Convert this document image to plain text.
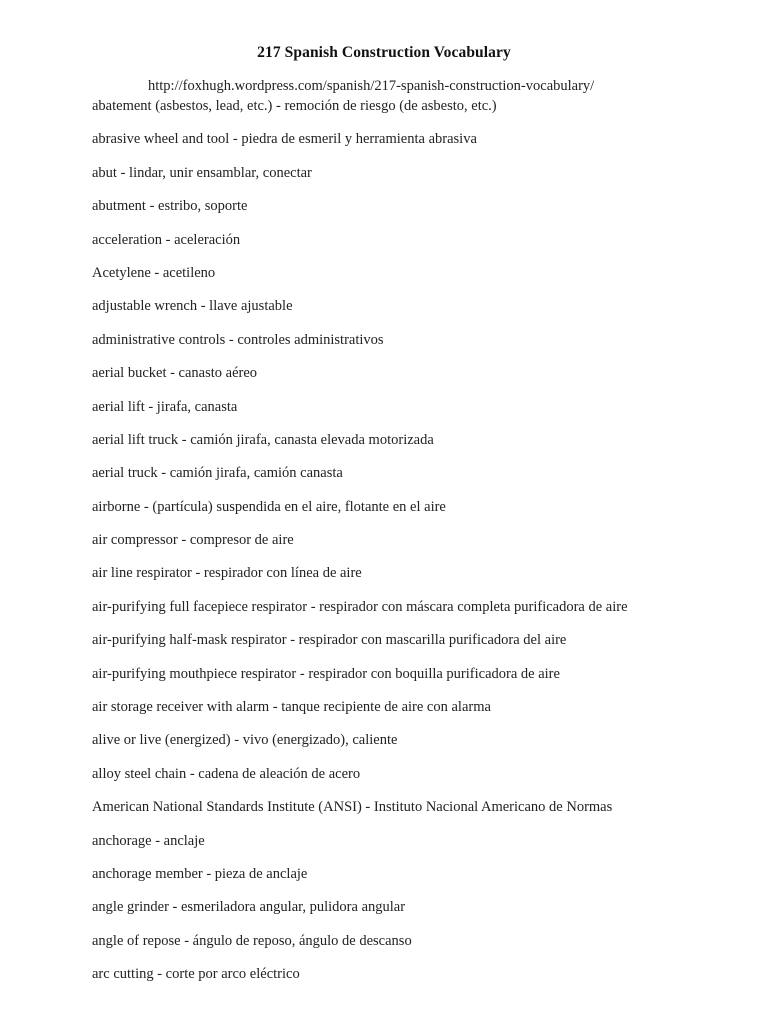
217 Spanish Construction Vocabulary
http://foxhugh.wordpress.com/spanish/217-spanish-construction-vocabulary/
abatement (asbestos, lead, etc.) - remoción de riesgo (de asbesto, etc.)
abrasive wheel and tool - piedra de esmeril y herramienta abrasiva
abut - lindar, unir ensamblar, conectar
abutment - estribo, soporte
acceleration - aceleración
Acetylene - acetileno
adjustable wrench - llave ajustable
administrative controls - controles administrativos
aerial bucket - canasto aéreo
aerial lift - jirafa, canasta
aerial lift truck - camión jirafa, canasta elevada motorizada
aerial truck - camión jirafa, camión canasta
airborne - (partícula) suspendida en el aire, flotante en el aire
air compressor - compresor de aire
air line respirator - respirador con línea de aire
air-purifying full facepiece respirator - respirador con máscara completa purificadora de aire
air-purifying half-mask respirator - respirador con mascarilla purificadora del aire
air-purifying mouthpiece respirator - respirador con boquilla purificadora de aire
air storage receiver with alarm - tanque recipiente de aire con alarma
alive or live (energized) - vivo (energizado), caliente
alloy steel chain - cadena de aleación de acero
American National Standards Institute (ANSI) - Instituto Nacional Americano de Normas
anchorage - anclaje
anchorage member - pieza de anclaje
angle grinder - esmeriladora angular, pulidora angular
angle of repose - ángulo de reposo, ángulo de descanso
arc cutting - corte por arco eléctrico
